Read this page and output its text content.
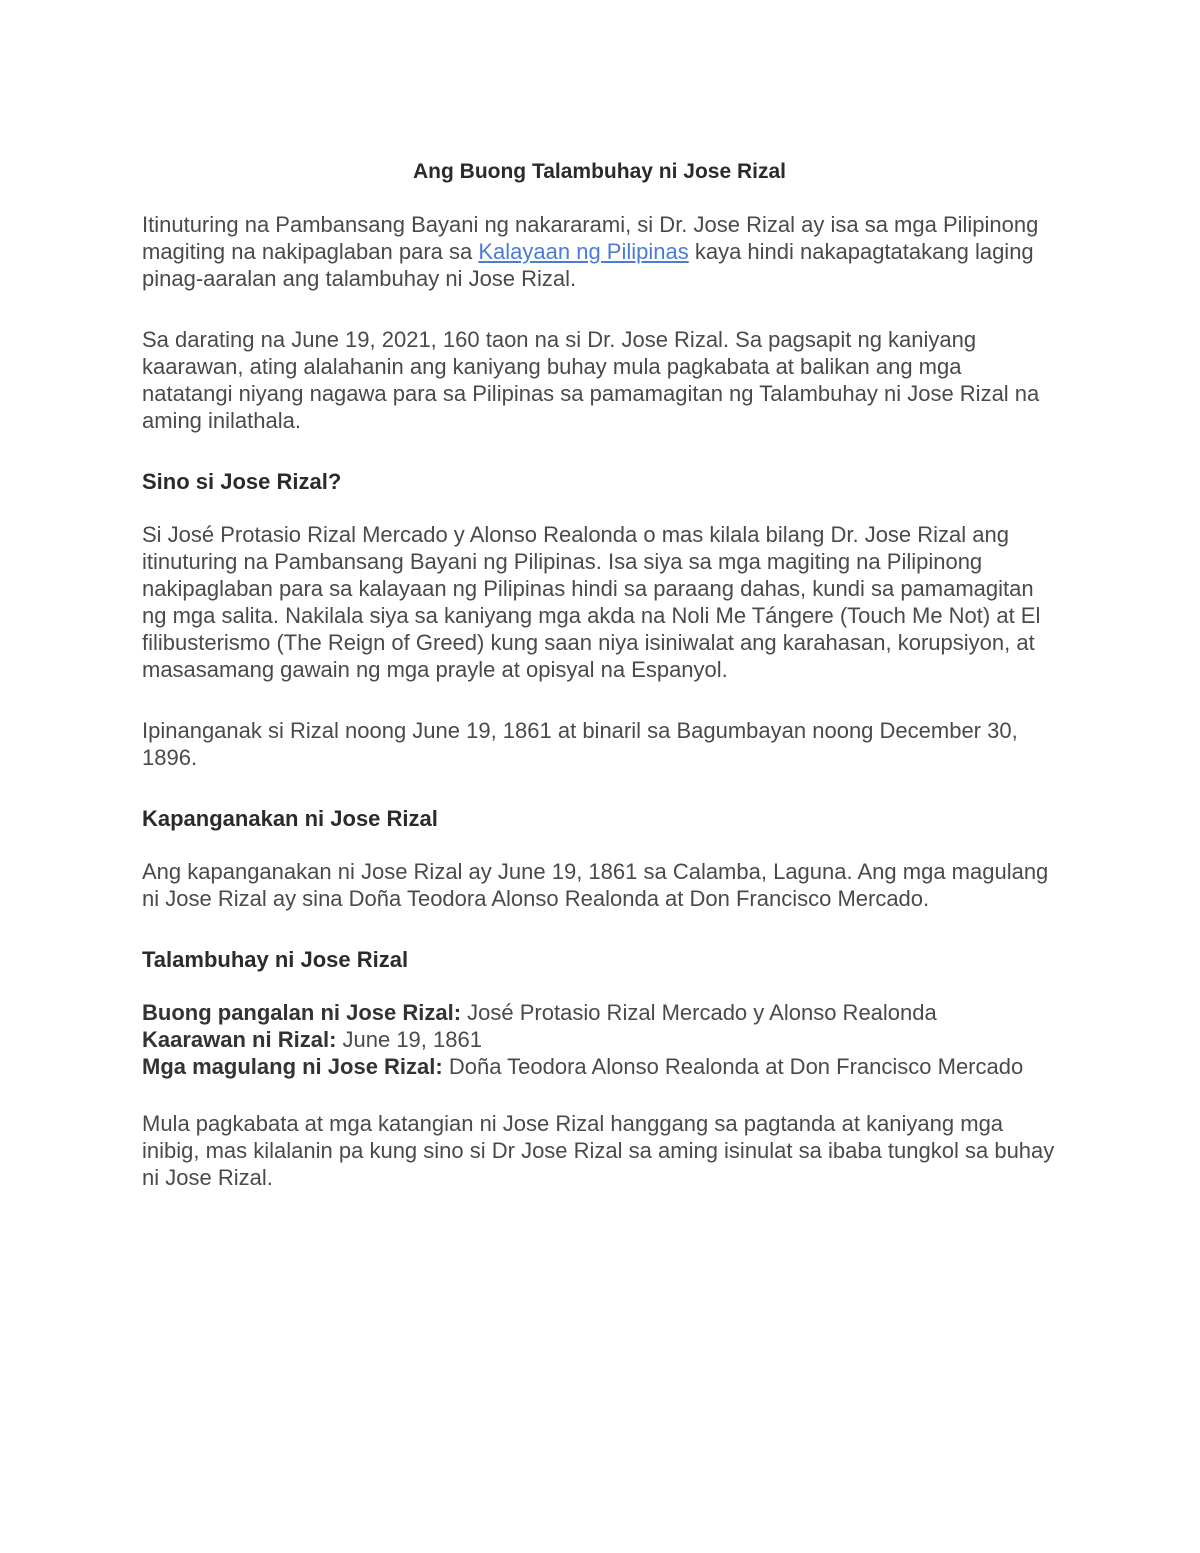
Ang Buong Talambuhay ni Jose Rizal

Itinuturing na Pambansang Bayani ng nakararami, si Dr. Jose Rizal ay isa sa mga Pilipinong magiting na nakipaglaban para sa Kalayaan ng Pilipinas kaya hindi nakapagtatakang laging pinag-aaralan ang talambuhay ni Jose Rizal.

Sa darating na June 19, 2021, 160 taon na si Dr. Jose Rizal. Sa pagsapit ng kaniyang kaarawan, ating alalahanin ang kaniyang buhay mula pagkabata at balikan ang mga natatangi niyang nagawa para sa Pilipinas sa pamamagitan ng Talambuhay ni Jose Rizal na aming inilathala.

Sino si Jose Rizal?

Si José Protasio Rizal Mercado y Alonso Realonda o mas kilala bilang Dr. Jose Rizal ang itinuturing na Pambansang Bayani ng Pilipinas. Isa siya sa mga magiting na Pilipinong nakipaglaban para sa kalayaan ng Pilipinas hindi sa paraang dahas, kundi sa pamamagitan ng mga salita. Nakilala siya sa kaniyang mga akda na Noli Me Tángere (Touch Me Not) at El filibusterismo (The Reign of Greed) kung saan niya isiniwalat ang karahasan, korupsiyon, at masasamang gawain ng mga prayle at opisyal na Espanyol.

Ipinanganak si Rizal noong June 19, 1861 at binaril sa Bagumbayan noong December 30, 1896.

Kapanganakan ni Jose Rizal

Ang kapanganakan ni Jose Rizal ay June 19, 1861 sa Calamba, Laguna. Ang mga magulang ni Jose Rizal ay sina Doña Teodora Alonso Realonda at Don Francisco Mercado.

Talambuhay ni Jose Rizal
Buong pangalan ni Jose Rizal: José Protasio Rizal Mercado y Alonso Realonda
Kaarawan ni Rizal: June 19, 1861
Mga magulang ni Jose Rizal: Doña Teodora Alonso Realonda at Don Francisco Mercado

Mula pagkabata at mga katangian ni Jose Rizal hanggang sa pagtanda at kaniyang mga inibig, mas kilalanin pa kung sino si Dr Jose Rizal sa aming isinulat sa ibaba tungkol sa buhay ni Jose Rizal.
